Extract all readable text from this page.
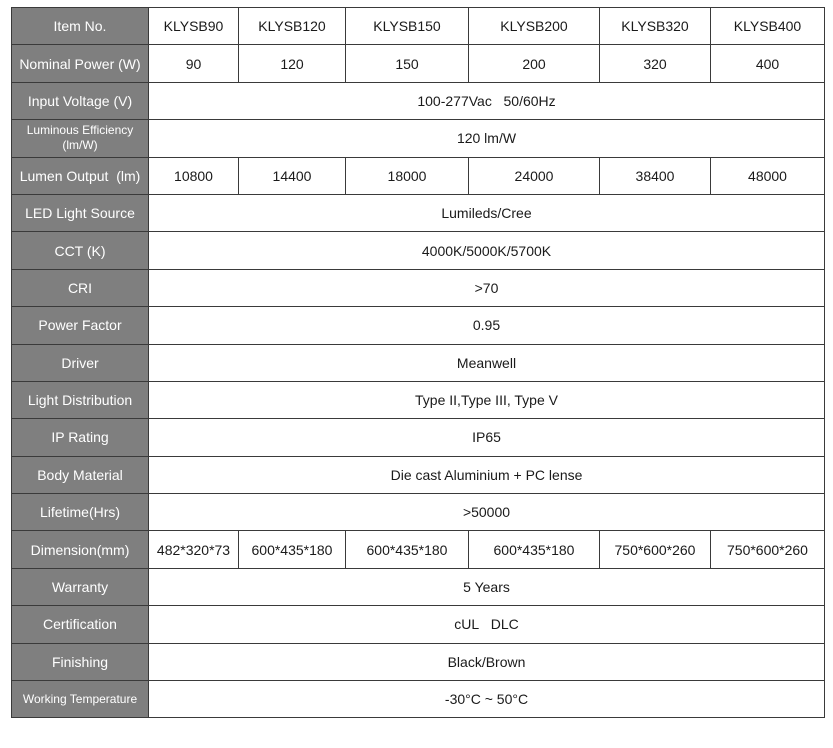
Item No.	KLYSB90	KLYSB120	KLYSB150	KLYSB200	KLYSB320	KLYSB400
Nominal Power (W)	90	120	150	200	320	400
Input Voltage (V)	100-277Vac   50/60Hz					
Luminous Efficiency (lm/W)	120 lm/W					
Lumen Output  (lm)	10800	14400	18000	24000	38400	48000
LED Light Source	Lumileds/Cree					
CCT (K)	4000K/5000K/5700K					
CRI	>70					
Power Factor	0.95					
Driver	Meanwell					
Light Distribution	Type II,Type III, Type V					
IP Rating	IP65					
Body Material	Die cast Aluminium + PC lense					
Lifetime(Hrs)	>50000					
Dimension(mm)	482*320*73	600*435*180	600*435*180	600*435*180	750*600*260	750*600*260
Warranty	5 Years					
Certification	cUL   DLC					
Finishing	Black/Brown					
Working Temperature	-30°C ~ 50°C					
